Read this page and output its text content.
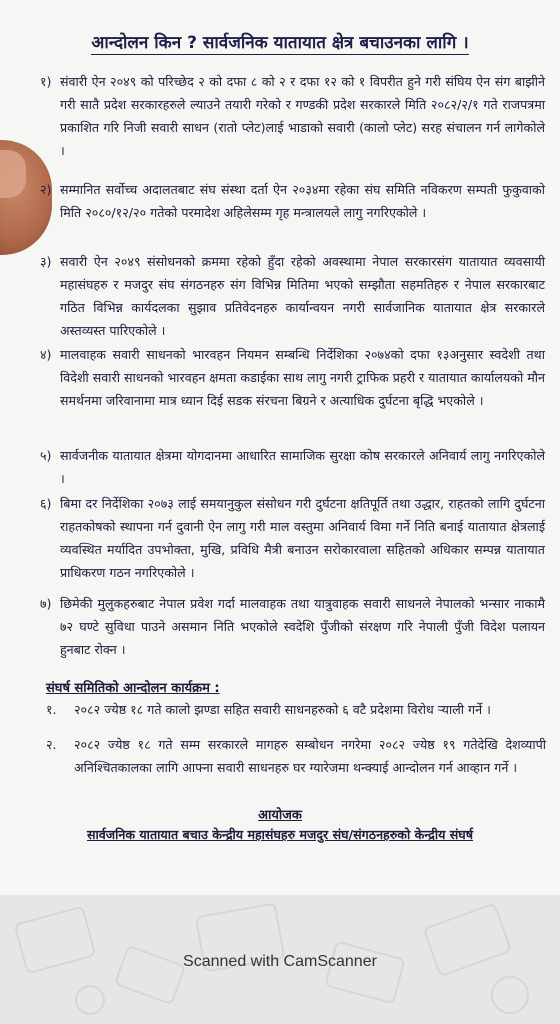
आन्दोलन किन ? सार्वजनिक यातायात क्षेत्र बचाउनका लागि ।
१) संवारी ऐन २०४९ को परिच्छेद २ को दफा ८ को २ र दफा १२ को १ विपरीत हुने गरी संघिय ऐन संग बाझीने गरी सातै प्रदेश सरकारहरुले ल्याउने तयारी गरेको र गण्डकी प्रदेश सरकारले मिति २०८२/२/१ गते राजपत्रमा प्रकाशित गरि निजी सवारी साधन (रातो प्लेट)लाई भाडाको सवारी (कालो प्लेट) सरह संचालन गर्न लागेकोले ।
२) सम्मानित सर्वोच्च अदालतबाट संघ संस्था दर्ता ऐन २०३४मा रहेका संघ समिति नविकरण सम्पती फुकुवाको मिति २०८०/१२/२० गतेको परमादेश अहिलेसम्म गृह मन्त्रालयले लागु नगरिएकोले ।
३) सवारी ऐन २०४९ संसोधनको क्रममा रहेको हुँदा रहेको अवस्थामा नेपाल सरकारसंग यातायात व्यवसायी महासंघहरु र मजदुर संघ संगठनहरु संग विभिन्न मितिमा भएको सम्झौता सहमतिहरु र नेपाल सरकारबाट गठित विभिन्न कार्यदलका सुझाव प्रतिवेदनहरु कार्यान्वयन नगरी सार्वजानिक यातायात क्षेत्र सरकारले अस्तव्यस्त पारिएकोले ।
४) मालवाहक सवारी साधनको भारवहन नियमन सम्बन्धि निर्देशिका २०७४को दफा १३अनुसार स्वदेशी तथा विदेशी सवारी साधनको भारवहन क्षमता कडाईका साथ लागु नगरी ट्राफिक प्रहरी र यातायात कार्यालयको मौन समर्थनमा जरिवानामा मात्र ध्यान दिई सडक संरचना बिग्रने र अत्याधिक दुर्घटना बृद्धि भएकोले ।
५) सार्वजनीक यातायात क्षेत्रमा योगदानमा आधारित सामाजिक सुरक्षा कोष सरकारले अनिवार्य लागु नगरिएकोले ।
६) बिमा दर निर्देशिका २०७३ लाई समयानुकुल संसोधन गरी दुर्घटना क्षतिपूर्ति तथा उद्धार, राहतको लागि दुर्घटना राहतकोषको स्थापना गर्न दुवानी ऐन लागु गरी माल वस्तुमा अनिवार्य विमा गर्ने निति बनाई यातायात क्षेत्रलाई व्यवस्थित मर्यादित उपभोक्ता, मुखि, प्रविधि मैत्री बनाउन सरोकारवाला सहितको अधिकार सम्पन्न यातायात प्राधिकरण गठन नगरिएकोले ।
७) छिमेकी मुलुकहरुबाट नेपाल प्रवेश गर्दा मालवाहक तथा यात्रुवाहक सवारी साधनले नेपालको भन्सार नाकामै ७२ घण्टे सुविधा पाउने असमान निति भएकोले स्वदेशि पुँजीको संरक्षण गरि नेपाली पुँजी विदेश पलायन हुनबाट रोक्न ।
संघर्ष समितिको आन्दोलन कार्यक्रम :
१.	२०८२ ज्येष्ठ १८ गते कालो झण्डा सहित सवारी साधनहरुको ६ वटै प्रदेशमा विरोध र्‍याली गर्ने ।
२.	२०८२ ज्येष्ठ १८ गते सम्म सरकारले मागहरु सम्बोधन नगरेमा २०८२ ज्येष्ठ १९ गतेदेखि देशव्यापी अनिश्चितकालका लागि आफ्ना सवारी साधनहरु घर ग्यारेजमा थन्क्याई आन्दोलन गर्न आव्हान गर्ने ।
आयोजक
सार्वजनिक यातायात बचाउ केन्द्रीय महासंघहरु मजदुर संघ/संगठनहरुको केन्द्रीय संघर्ष
Scanned with CamScanner
